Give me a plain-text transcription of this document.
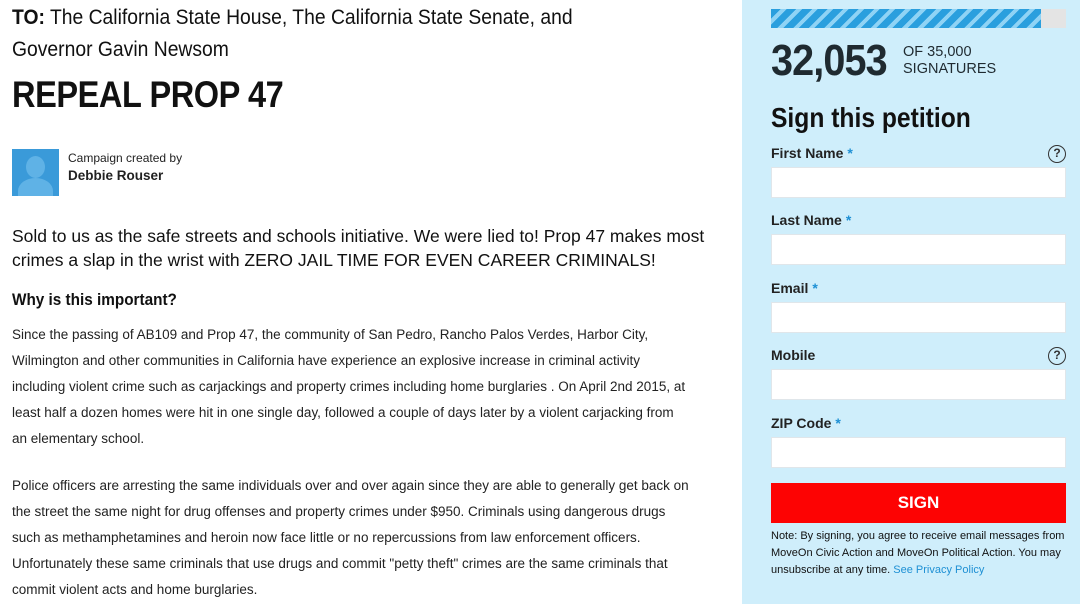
TO: The California State House, The California State Senate, and Governor Gavin Newsom
REPEAL PROP 47
Campaign created by
Debbie Rouser
Sold to us as the safe streets and schools initiative. We were lied to! Prop 47 makes most crimes a slap in the wrist with ZERO JAIL TIME FOR EVEN CAREER CRIMINALS!
Why is this important?
Since the passing of AB109 and Prop 47, the community of San Pedro, Rancho Palos Verdes, Harbor City, Wilmington and other communities in California have experience an explosive increase in criminal activity including violent crime such as carjackings and property crimes including home burglaries . On April 2nd 2015, at least half a dozen homes were hit in one single day, followed a couple of days later by a violent carjacking from an elementary school.
Police officers are arresting the same individuals over and over again since they are able to generally get back on the street the same night for drug offenses and property crimes under $950. Criminals using dangerous drugs such as methamphetamines and heroin now face little or no repercussions from law enforcement officers. Unfortunately these same criminals that use drugs and commit "petty theft" crimes are the same criminals that commit violent acts and home burglaries.
32,053 OF 35,000
SIGNATURES
Sign this petition
First Name *	?
Last Name *
Email *
Mobile	?
ZIP Code *
SIGN
Note: By signing, you agree to receive email messages from MoveOn Civic Action and MoveOn Political Action. You may unsubscribe at any time. See Privacy Policy
